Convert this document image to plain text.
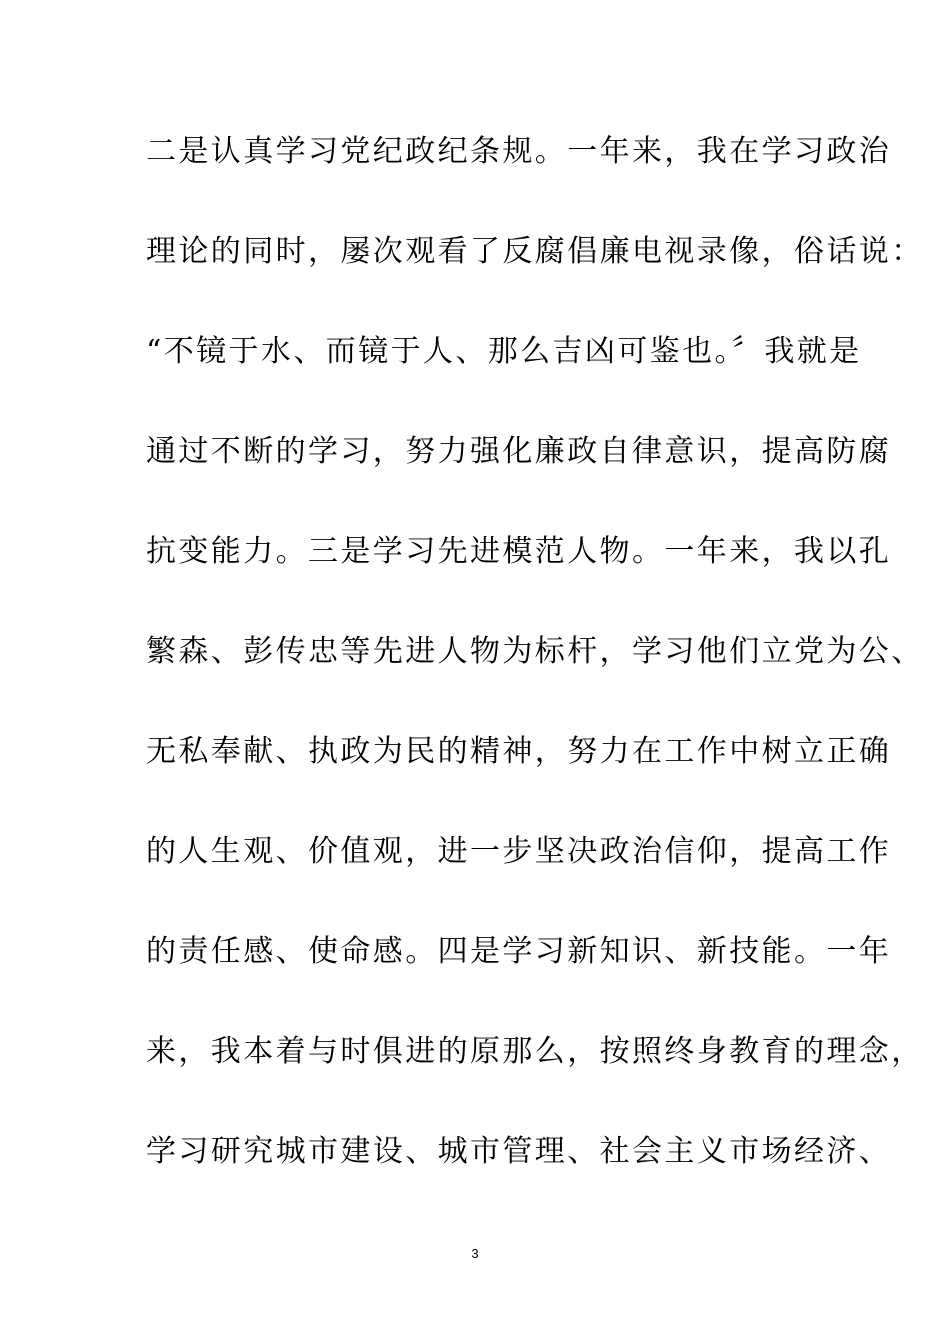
二是认真学习党纪政纪条规。一年来，我在学习政治
理论的同时，屡次观看了反腐倡廉电视录像，俗话说：
“不镜于水、而镜于人、那么吉凶可鉴也。〞我就是
通过不断的学习，努力强化廉政自律意识，提高防腐
抗变能力。三是学习先进模范人物。一年来，我以孔
繁森、彭传忠等先进人物为标杆，学习他们立党为公、
无私奉献、执政为民的精神，努力在工作中树立正确
的人生观、价值观，进一步坚决政治信仰，提高工作
的责任感、使命感。四是学习新知识、新技能。一年
来，我本着与时俱进的原那么，按照终身教育的理念，
学习研究城市建设、城市管理、社会主义市场经济、
3
